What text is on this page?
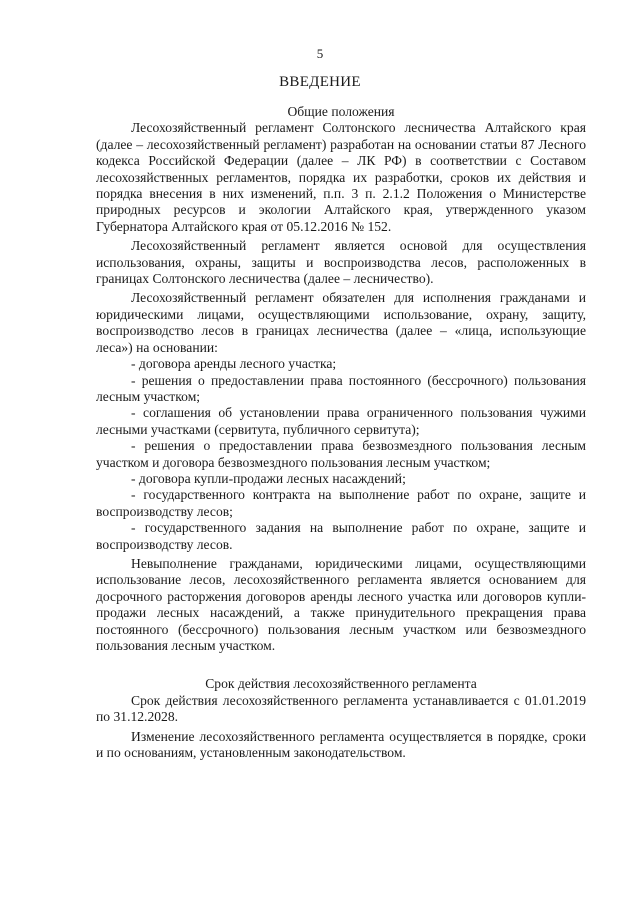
5
ВВЕДЕНИЕ

Общие положения

Лесохозяйственный регламент Солтонского лесничества Алтайского края (далее – лесохозяйственный регламент) разработан на основании статьи 87 Лесного кодекса Российской Федерации (далее – ЛК РФ) в соответствии с Составом лесохозяйственных регламентов, порядка их разработки, сроков их действия и порядка внесения в них изменений, п.п. 3 п. 2.1.2 Положения о Министерстве природных ресурсов и экологии Алтайского края, утвержденного указом Губернатора Алтайского края от 05.12.2016 № 152.

Лесохозяйственный регламент является основой для осуществления использования, охраны, защиты и воспроизводства лесов, расположенных в границах Солтонского лесничества (далее – лесничество).

Лесохозяйственный регламент обязателен для исполнения гражданами и юридическими лицами, осуществляющими использование, охрану, защиту, воспроизводство лесов в границах лесничества (далее – «лица, использующие леса») на основании:

- договора аренды лесного участка;

- решения о предоставлении права постоянного (бессрочного) пользования лесным участком;

- соглашения об установлении права ограниченного пользования чужими лесными участками (сервитута, публичного сервитута);

- решения о предоставлении права безвозмездного пользования лесным участком и договора безвозмездного пользования лесным участком;

- договора купли-продажи лесных насаждений;

- государственного контракта на выполнение работ по охране, защите и воспроизводству лесов;

- государственного задания на выполнение работ по охране, защите и воспроизводству лесов.

Невыполнение гражданами, юридическими лицами, осуществляющими использование лесов, лесохозяйственного регламента является основанием для досрочного расторжения договоров аренды лесного участка или договоров купли-продажи лесных насаждений, а также принудительного прекращения права постоянного (бессрочного) пользования лесным участком или безвозмездного пользования лесным участком.

Срок действия лесохозяйственного регламента

Срок действия лесохозяйственного регламента устанавливается с 01.01.2019 по 31.12.2028.

Изменение лесохозяйственного регламента осуществляется в порядке, сроки и по основаниям, установленным законодательством.
